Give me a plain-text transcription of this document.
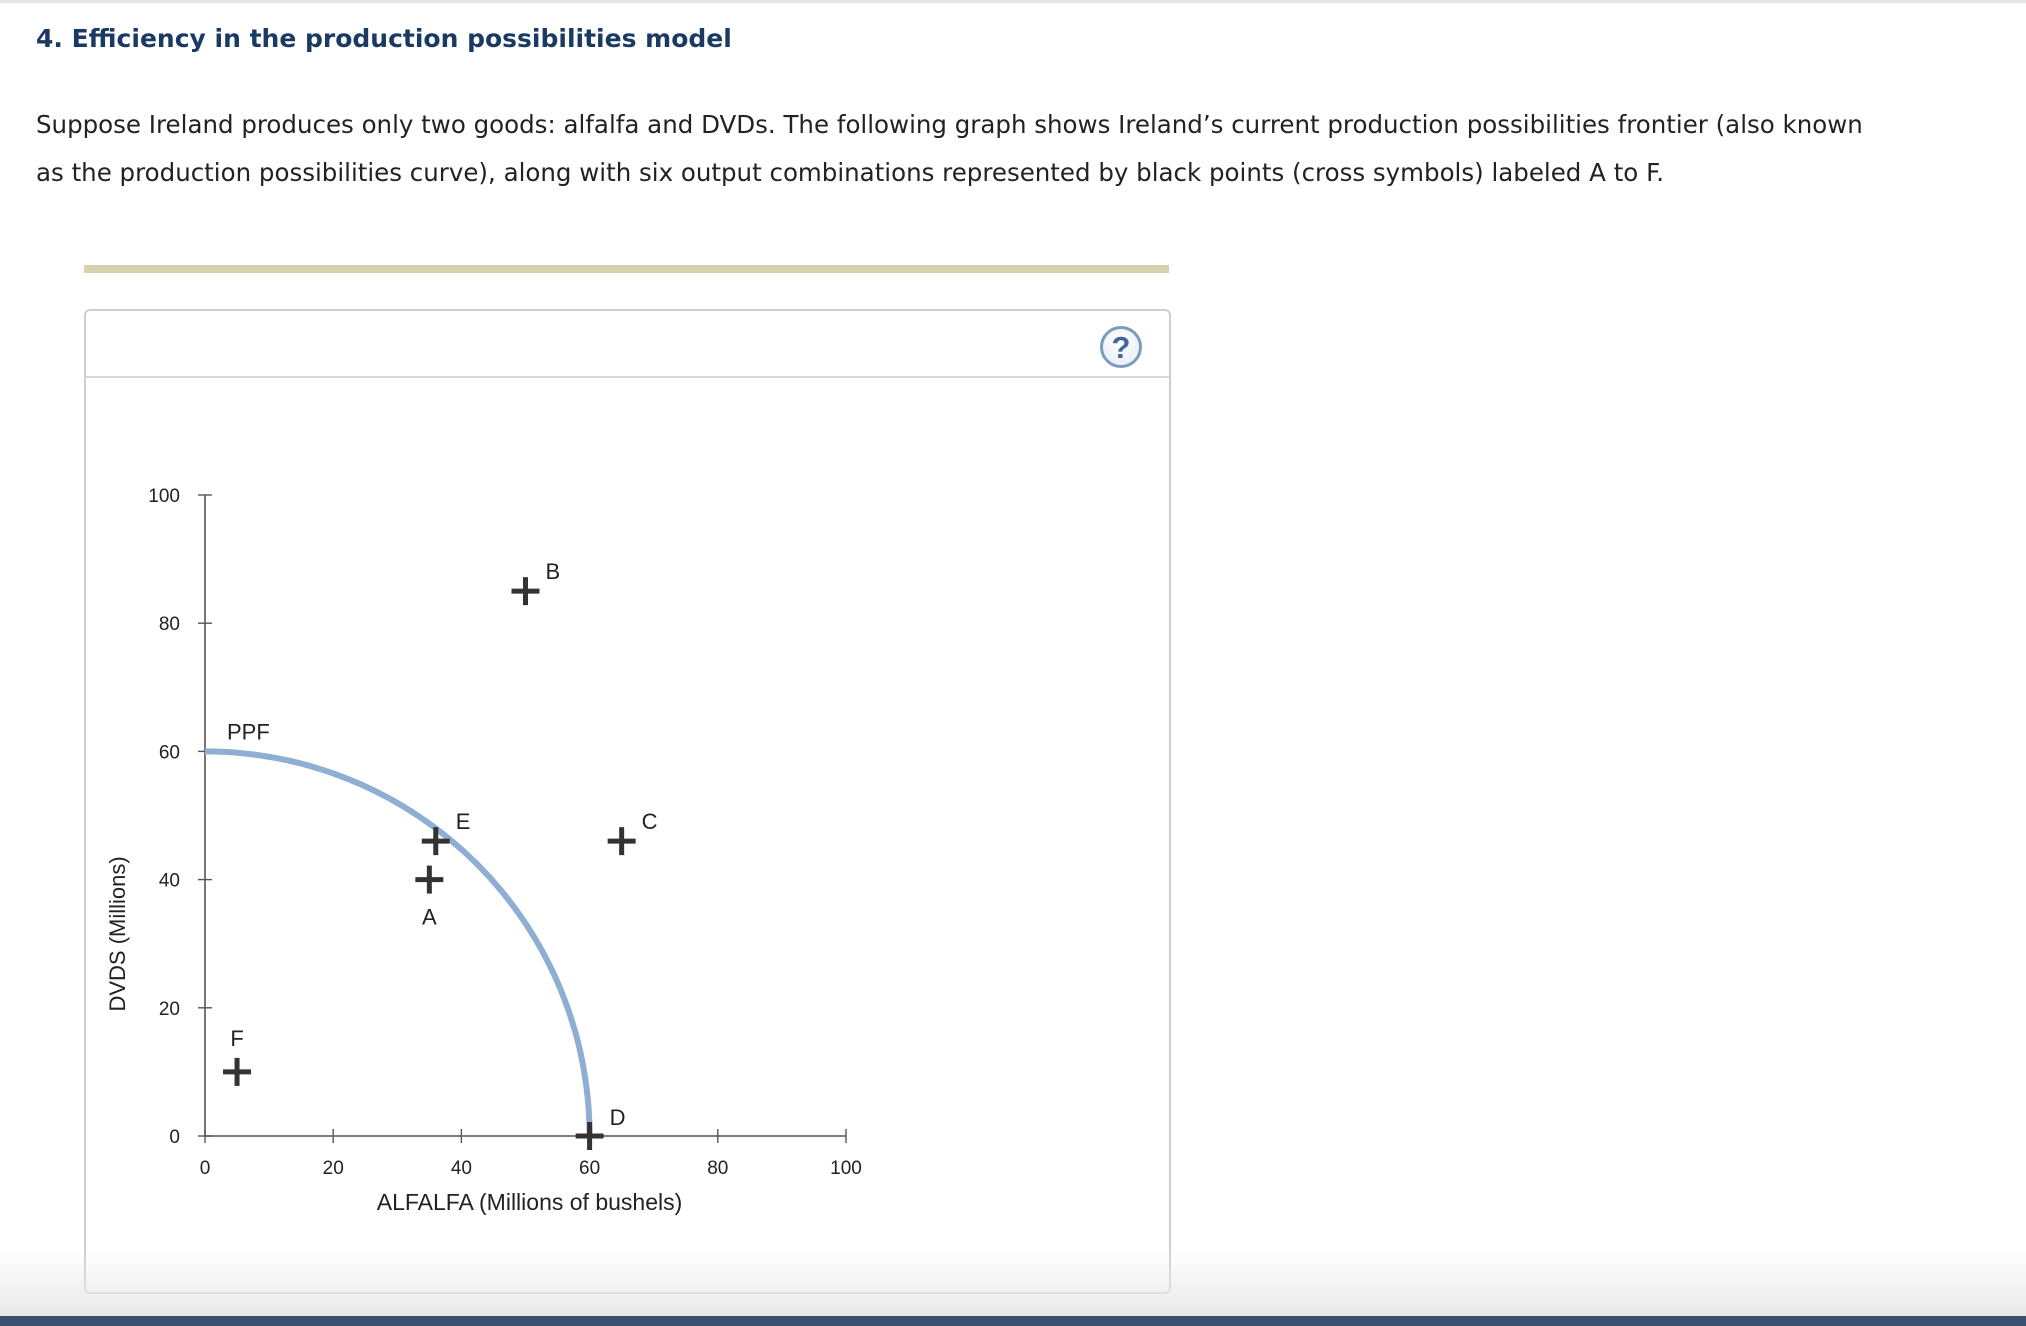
4. Efficiency in the production possibilities model

Suppose Ireland produces only two goods: alfalfa and DVDs. The following graph shows Ireland’s current production possibilities frontier (also known

as the production possibilities curve), along with six output combinations represented by black points (cross symbols) labeled A to F.

?
0	20	40	60	80	100
0
20
40
60
80
100
ALFALFA (Millions of bushels)
DVDS (Millions)
PPF
A
B
C
D
E
F
